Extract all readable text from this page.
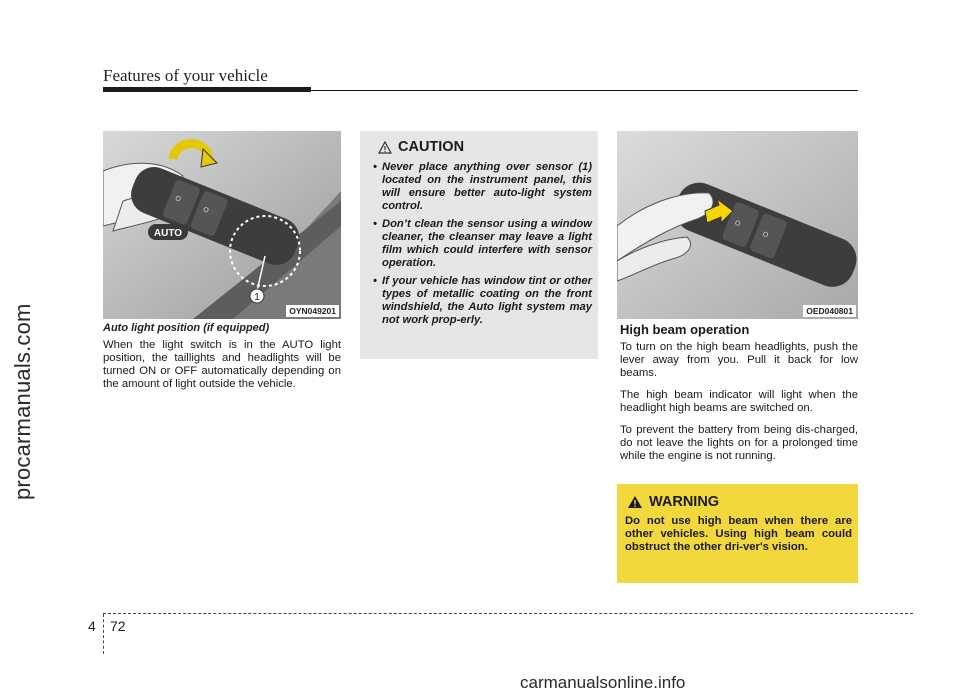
Features of your vehicle
procarmanuals.com
O
O
AUTO
1
OYN049201
Auto light position (if equipped)
When the light switch is in the AUTO light position, the taillights and headlights will be turned ON or OFF automatically depending on the amount of light outside the vehicle.
CAUTION
• Never place anything over sensor (1) located on the instrument panel, this will ensure better auto-light system control.
• Don’t clean the sensor using a window cleaner, the cleanser may leave a light film which could interfere with sensor operation.
• If your vehicle has window tint or other types of metallic coating on the front windshield, the Auto light system may not work prop-erly.
O
O
OED040801
High beam operation
To turn on the high beam headlights, push the lever away from you. Pull it back for low beams.
The high beam indicator will light when the headlight high beams are switched on.
To prevent the battery from being dis-charged, do not leave the lights on for a prolonged time while the engine is not running.
WARNING
Do not use high beam when there are other vehicles. Using high beam could obstruct the other dri-ver's vision.
4 72
carmanualsonline.info
